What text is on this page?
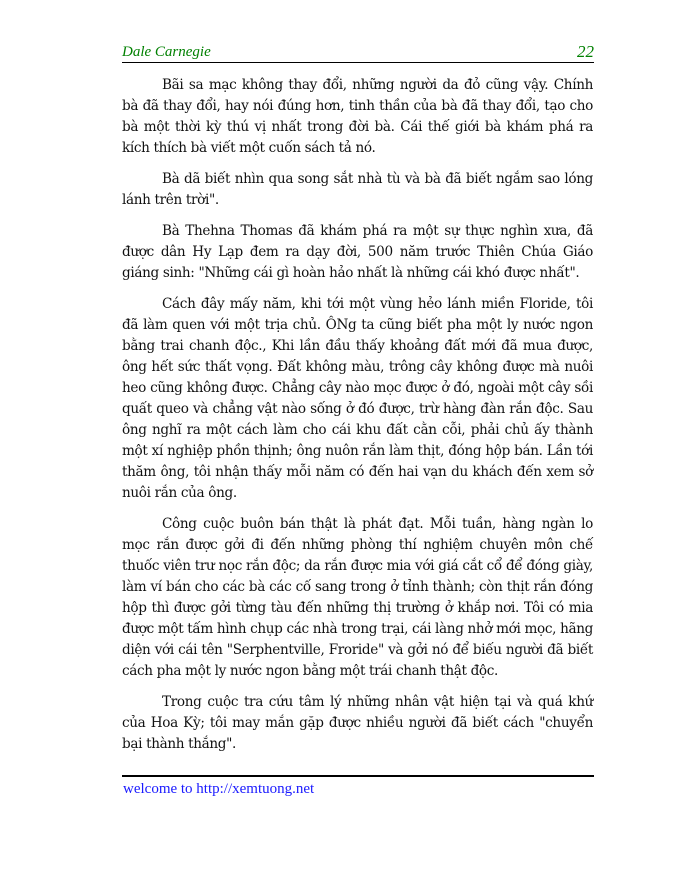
Dale Carnegie	22

Bãi sa mạc không thay đổi, những người da đỏ cũng vậy. Chính bà đã thay đổi, hay nói đúng hơn, tinh thần của bà đã thay đổi, tạo cho bà một thời kỳ thú vị nhất trong đời bà. Cái thế giới bà khám phá ra kích thích bà viết một cuốn sách tả nó.

Bà dã biết nhìn qua song sắt nhà tù và bà đã biết ngắm sao lóng lánh trên trời".

Bà Thehna Thomas đã khám phá ra một sự thực nghìn xưa, đã được dân Hy Lạp đem ra dạy đời, 500 năm trước Thiên Chúa Giáo giáng sinh: "Những cái gì hoàn hảo nhất là những cái khó được nhất".

Cách đây mấy năm, khi tới một vùng hẻo lánh miền Floride, tôi đã làm quen với một trịa chủ. ÔNg ta cũng biết pha một ly nước ngon bằng trai chanh độc., Khi lần đầu thấy khoảng đất mới đã mua được, ông hết sức thất vọng. Đất không màu, trông cây không được mà nuôi heo cũng không được. Chẳng cây nào mọc được ở đó, ngoài một cây sồi quất queo và chẳng vật nào sống ở đó được, trừ hàng đàn rắn độc. Sau ông nghĩ ra một cách làm cho cái khu đất cằn cỗi, phải chủ ấy thành một xí nghiệp phồn thịnh; ông nuôn rắn làm thịt, đóng hộp bán. Lần tới thăm ông, tôi nhận thấy mỗi năm có đến hai vạn du khách đến xem sở nuôi rắn của ông.

Công cuộc buôn bán thật là phát đạt. Mỗi tuần, hàng ngàn lo mọc rắn được gởi đi đến những phòng thí nghiệm chuyên môn chế thuốc viên trư nọc rắn độc; da rắn được mia với giá cắt cổ để đóng giày, làm ví bán cho các bà các cố sang trong ở tỉnh thành; còn thịt rắn đóng hộp thì được gởi từng tàu đến những thị trường ở khắp nơi. Tôi có mia được một tấm hình chụp các nhà trong trại, cái làng nhở mới mọc, hãng diện với cái tên "Serphentville, Froride" và gởi nó để biếu người đã biết cách pha một ly nước ngon bằng một trái chanh thật độc.

Trong cuộc tra cứu tâm lý những nhân vật hiện tại và quá khứ của Hoa Kỳ; tôi may mắn gặp được nhiều người đã biết cách "chuyển bại thành thắng".

welcome to http://xemtuong.net
